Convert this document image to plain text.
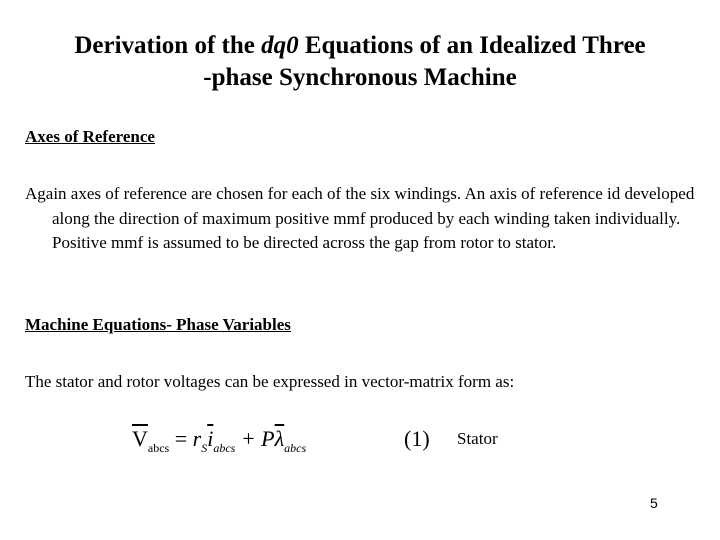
Derivation of the dq0 Equations of an Idealized Three
-phase Synchronous Machine
Axes of Reference
Again axes of reference are chosen for each of the six windings. An axis of reference id developed along the direction of maximum positive mmf produced by each winding taken individually. Positive mmf is assumed to be directed across the gap from rotor to stator.
Machine Equations- Phase Variables
The stator and rotor voltages can be expressed in vector-matrix form as:
$\overline{V}_{abcs} = r_S\overline{i}_{abcs} + P\overline{\lambda}_{abcs}$	(1) Stator
5
